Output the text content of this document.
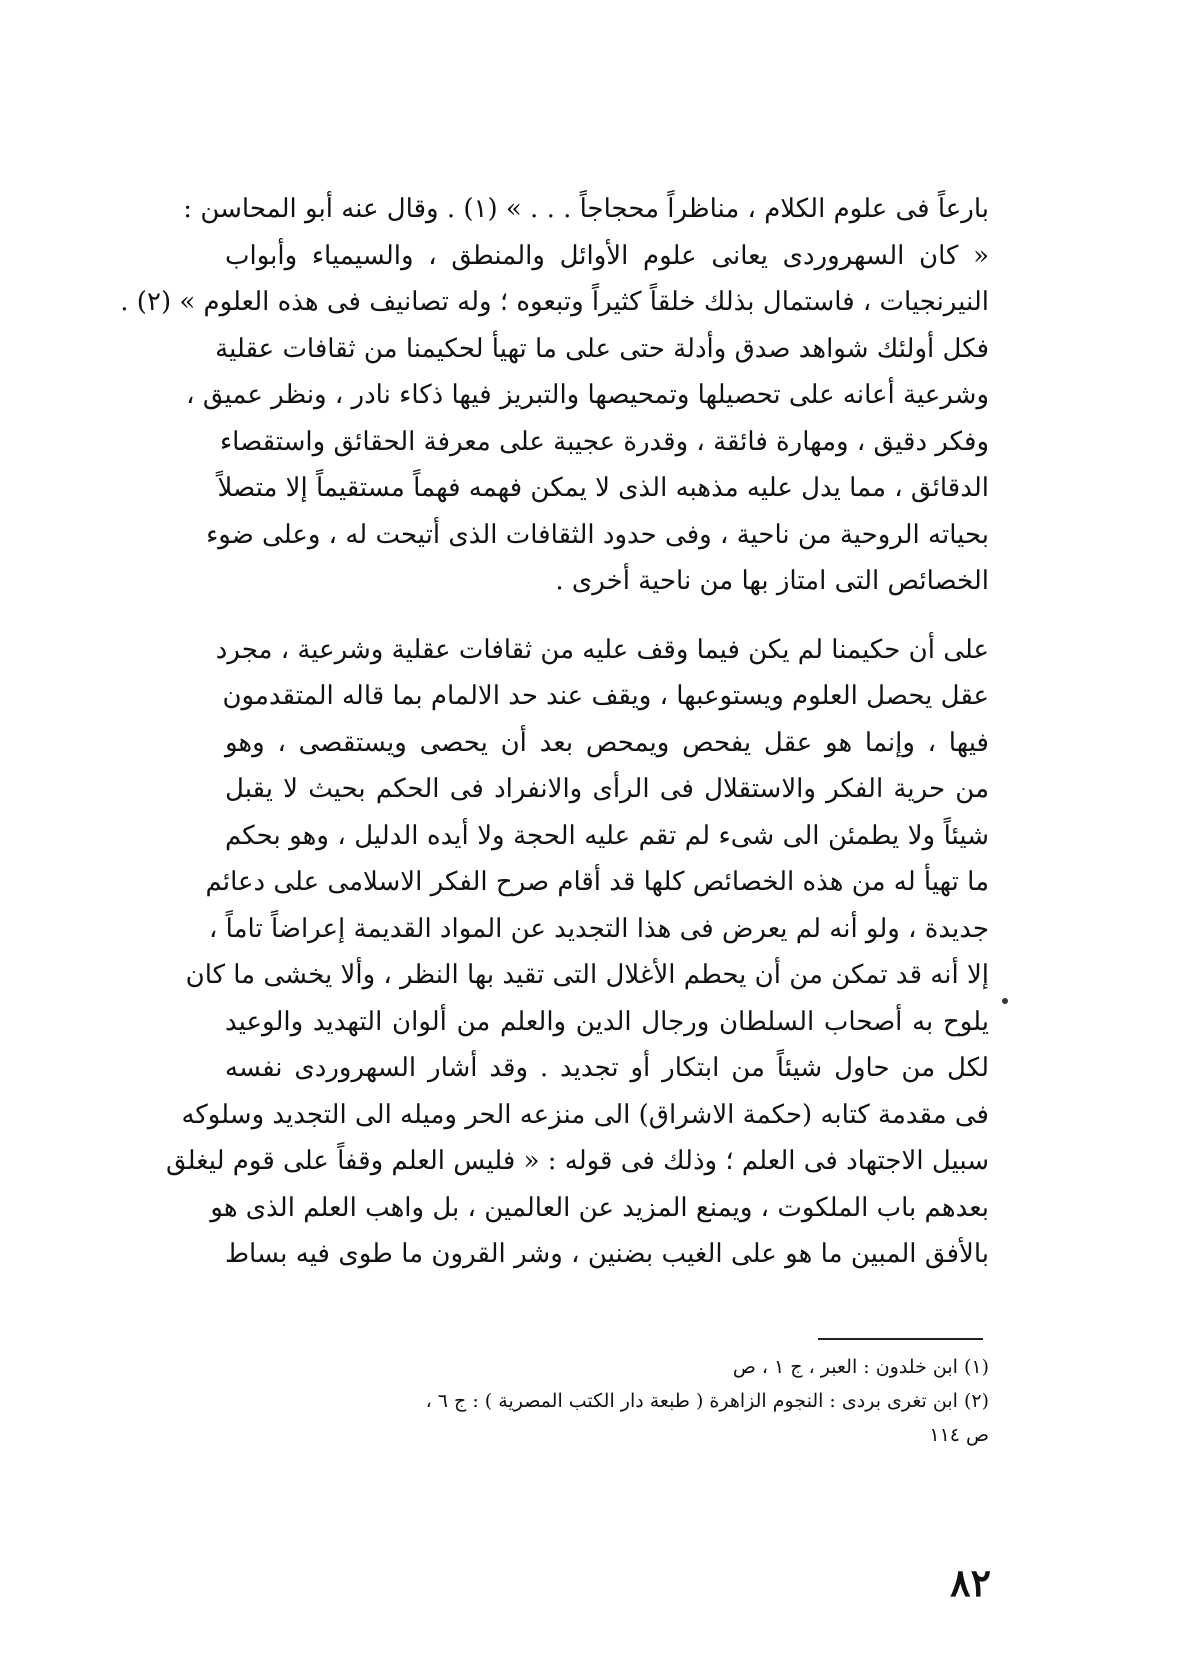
بارعاً فى علوم الكلام ، مناظراً محجاجاً . . . » (١) . وقال عنه أبو المحاسن :
« كان السهروردى يعانى علوم الأوائل والمنطق ، والسيمياء وأبواب
النيرنجيات ، فاستمال بذلك خلقاً كثيراً وتبعوه ؛ وله تصانيف فى هذه العلوم » (٢) .
فكل أولئك شواهد صدق وأدلة حتى على ما تهيأ لحكيمنا من ثقافات عقلية
وشرعية أعانه على تحصيلها وتمحيصها والتبريز فيها ذكاء نادر ، ونظر عميق ،
وفكر دقيق ، ومهارة فائقة ، وقدرة عجيبة على معرفة الحقائق واستقصاء
الدقائق ، مما يدل عليه مذهبه الذى لا يمكن فهمه فهماً مستقيماً إلا متصلاً
بحياته الروحية من ناحية ، وفى حدود الثقافات الذى أتيحت له ، وعلى ضوء
الخصائص التى امتاز بها من ناحية أخرى .
على أن حكيمنا لم يكن فيما وقف عليه من ثقافات عقلية وشرعية ، مجرد
عقل يحصل العلوم ويستوعبها ، ويقف عند حد الالمام بما قاله المتقدمون
فيها ، وإنما هو عقل يفحص ويمحص بعد أن يحصى ويستقصى ، وهو
من حرية الفكر والاستقلال فى الرأى والانفراد فى الحكم بحيث لا يقبل
شيئاً ولا يطمئن الى شىء لم تقم عليه الحجة ولا أيده الدليل ، وهو بحكم
ما تهيأ له من هذه الخصائص كلها قد أقام صرح الفكر الاسلامى على دعائم
جديدة ، ولو أنه لم يعرض فى هذا التجديد عن المواد القديمة إعراضاً تاماً ،
إلا أنه قد تمكن من أن يحطم الأغلال التى تقيد بها النظر ، وألا يخشى ما كان
يلوح به أصحاب السلطان ورجال الدين والعلم من ألوان التهديد والوعيد
لكل من حاول شيئاً من ابتكار أو تجديد . وقد أشار السهروردى نفسه
فى مقدمة كتابه (حكمة الاشراق) الى منزعه الحر وميله الى التجديد وسلوكه
سبيل الاجتهاد فى العلم ؛ وذلك فى قوله : « فليس العلم وقفاً على قوم ليغلق
بعدهم باب الملكوت ، ويمنع المزيد عن العالمين ، بل واهب العلم الذى هو
بالأفق المبين ما هو على الغيب بضنين ، وشر القرون ما طوى فيه بساط
(١) ابن خلدون : العبر ، ج ١ ، ص
(٢) ابن تغرى بردى : النجوم الزاهرة ( طبعة دار الكتب المصرية ) : ج ٦ ،
ص ١١٤
٨٢
